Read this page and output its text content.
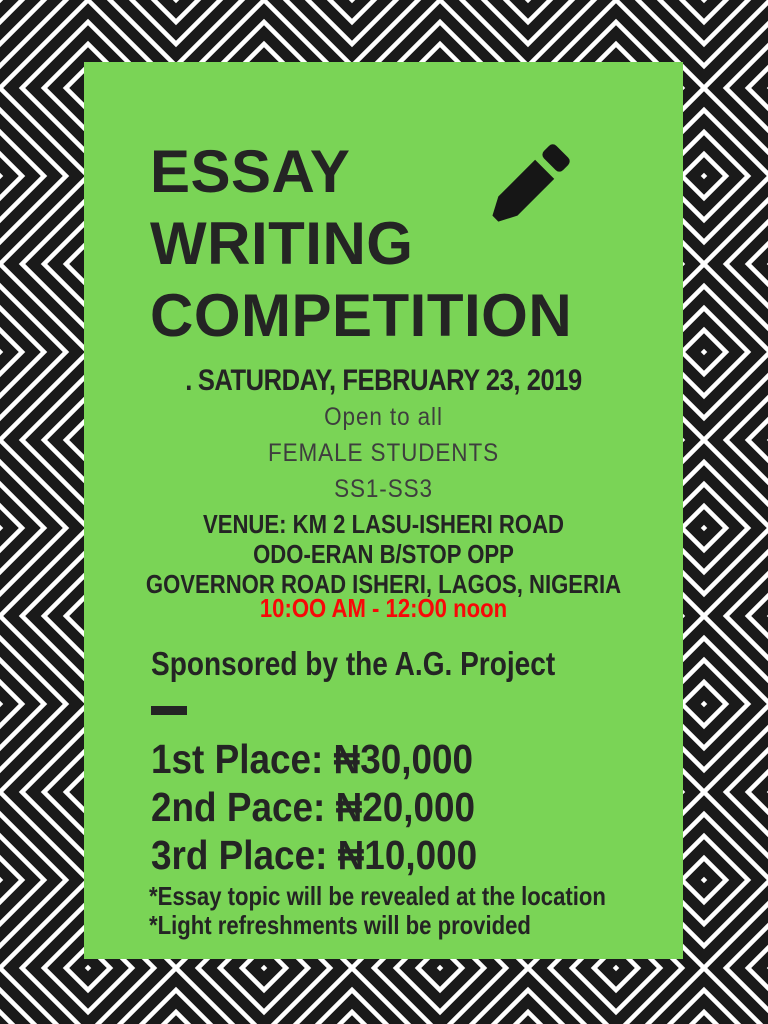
ESSAY
WRITING
COMPETITION
. SATURDAY, FEBRUARY 23, 2019
Open to all
FEMALE STUDENTS
SS1-SS3
VENUE: KM 2 LASU-ISHERI ROAD
ODO-ERAN B/STOP OPP
GOVERNOR ROAD ISHERI, LAGOS, NIGERIA
10:OO AM - 12:O0 noon
Sponsored by the A.G. Project
1st Place: ₦30,000
2nd Pace: ₦20,000
3rd Place: ₦10,000
*Essay topic will be revealed at the location
*Light refreshments will be provided
